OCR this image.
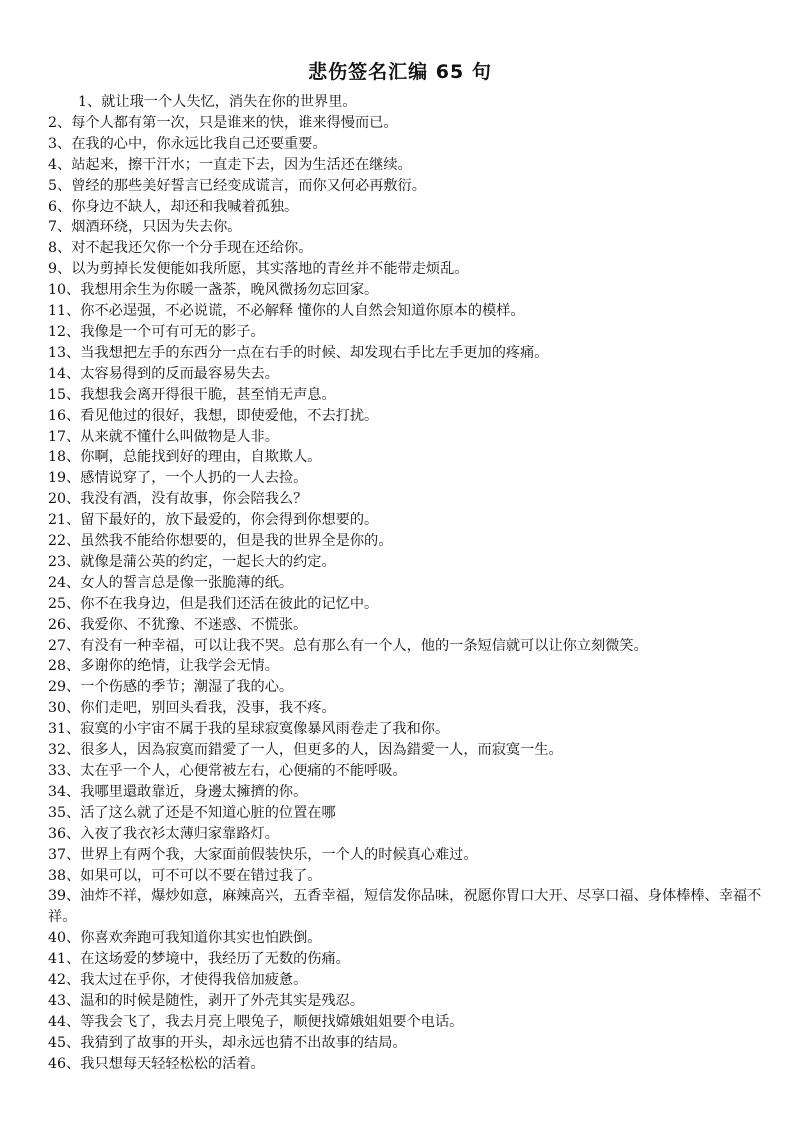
悲伤签名汇编 65 句

1、就让珴一个人失忆，消失在你的世界里。

2、每个人都有第一次，只是谁来的快，谁来得慢而已。

3、在我的心中，你永远比我自己还要重要。

4、站起来，擦干汗水；一直走下去，因为生活还在继续。

5、曾经的那些美好誓言已经变成谎言，而你又何必再敷衍。

6、你身边不缺人，却还和我喊着孤独。

7、烟酒环绕，只因为失去你。

8、对不起我还欠你一个分手现在还给你。

9、以为剪掉长发便能如我所愿，其实落地的青丝并不能带走烦乱。

10、我想用余生为你暖一盏茶，晚风微扬勿忘回家。

11、你不必逞强，不必说谎，不必解释 懂你的人自然会知道你原本的模样。

12、我像是一个可有可无的影子。

13、当我想把左手的东西分一点在右手的时候、却发现右手比左手更加的疼痛。

14、太容易得到的反而最容易失去。

15、我想我会离开得很干脆，甚至悄无声息。

16、看见他过的很好，我想，即使爱他，不去打扰。

17、从来就不懂什么叫做物是人非。

18、你啊，总能找到好的理由，自欺欺人。

19、感情说穿了，一个人扔的一人去捡。

20、我没有酒，没有故事，你会陪我么？

21、留下最好的，放下最爱的，你会得到你想要的。

22、虽然我不能给你想要的，但是我的世界全是你的。

23、就像是蒲公英的约定，一起长大的约定。

24、女人的誓言总是像一张脆薄的纸。

25、你不在我身边，但是我们还活在彼此的记忆中。

26、我爱你、不犹豫、不迷惑、不慌张。

27、有没有一种幸福，可以让我不哭。总有那么有一个人，他的一条短信就可以让你立刻微笑。

28、多谢你的绝情，让我学会无情。

29、一个伤感的季节；潮湿了我的心。

30、你们走吧，别回头看我，没事，我不疼。

31、寂寞的小宇宙不属于我的星球寂寞像暴风雨卷走了我和你。

32、很多人，因為寂寞而錯愛了一人，但更多的人，因為錯愛一人，而寂寞一生。

33、太在乎一个人，心便常被左右，心便痛的不能呼吸。

34、我哪里還敢靠近，身邊太擁擠的你。

35、活了这么就了还是不知道心脏的位置在哪

36、入夜了我衣衫太薄归家靠路灯。

37、世界上有两个我，大家面前假装快乐，一个人的时候真心难过。

38、如果可以，可不可以不要在错过我了。

39、油炸不祥，爆炒如意，麻辣高兴，五香幸福，短信发你品味，祝愿你胃口大开、尽享口福、身体棒棒、幸福不祥。

40、你喜欢奔跑可我知道你其实也怕跌倒。

41、在这场爱的梦境中，我经历了无数的伤痛。

42、我太过在乎你，才使得我倍加疲惫。

43、温和的时候是随性，剥开了外壳其实是残忍。

44、等我会飞了，我去月亮上喂兔子，顺便找嫦娥姐姐要个电话。

45、我猜到了故事的开头，却永远也猜不出故事的结局。

46、我只想每天轻轻松松的活着。
